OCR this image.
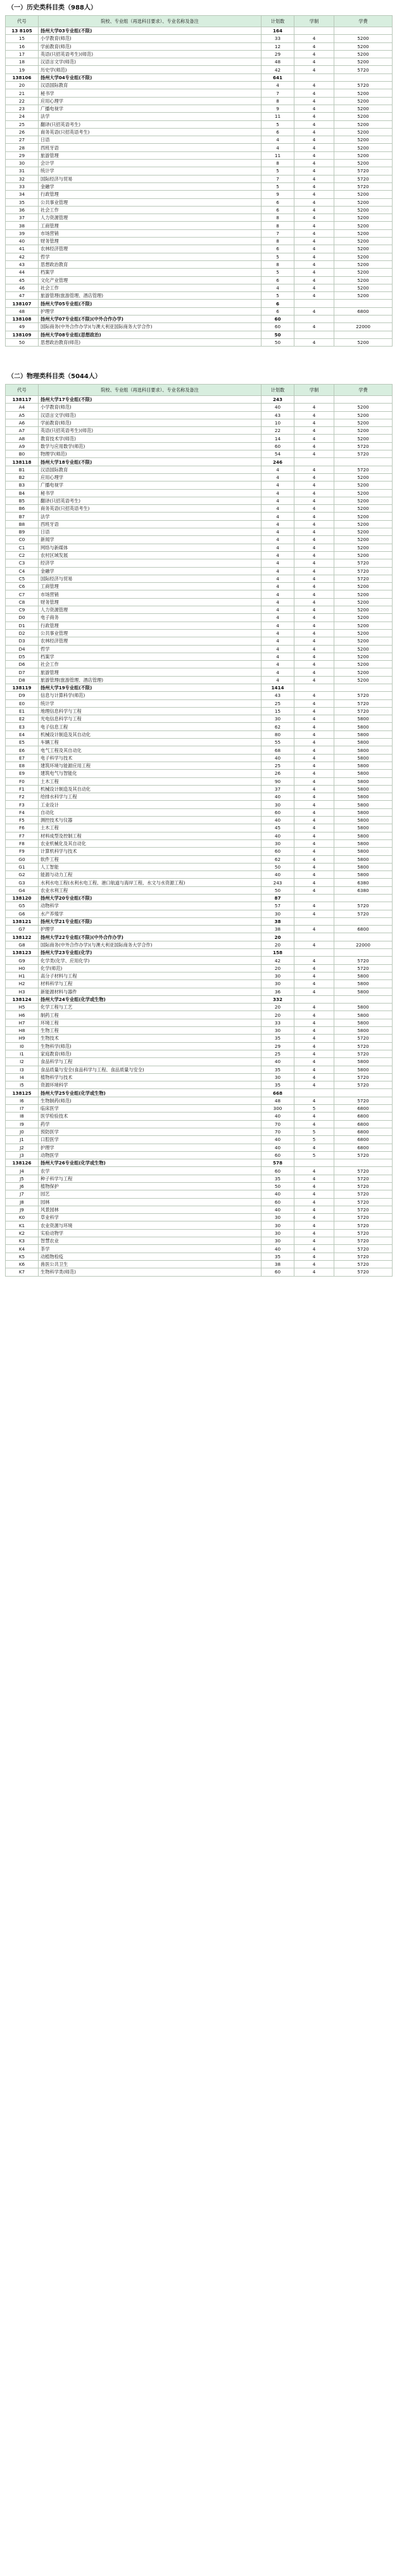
（一）历史类科目类（988人）
代号	院校、专业组（再选科目要求）、专业名称及备注	计划数	学制	学费
13 8105	扬州大学03专业组(不限)	164		
15	小学教育(师范)	33	4	5200
16	学前教育(师范)	12	4	5200
17	英语(只招英语考生)(师范)	29	4	5200
18	汉语言文学(师范)	48	4	5200
19	历史学(师范)	42	4	5720
138106	扬州大学04专业组(不限)	641		
20	汉语国际教育	4	4	5720
21	秘书学	7	4	5200
22	应用心理学	8	4	5200
23	广播电视学	9	4	5200
24	法学	11	4	5200
25	翻译(只招英语考生)	5	4	5200
26	商务英语(只招英语考生)	6	4	5200
27	日语	4	4	5200
28	西班牙语	4	4	5200
29	旅游管理	11	4	5200
30	会计学	8	4	5200
31	统计学	5	4	5720
32	国际经济与贸易	7	4	5720
33	金融学	5	4	5720
34	行政管理	9	4	5200
35	公共事业管理	6	4	5200
36	社会工作	6	4	5200
37	人力资源管理	8	4	5200
38	工商管理	8	4	5200
39	市场营销	7	4	5200
40	财务管理	8	4	5200
41	农林经济管理	6	4	5200
42	哲学	5	4	5200
43	思想政治教育	8	4	5200
44	档案学	5	4	5200
45	文化产业管理	6	4	5200
46	社会工作	4	4	5200
47	旅游管理(旅游管理、酒店管理)	5	4	5200
138107	扬州大学05专业组(不限)	6		
48	护理学	6	4	6800
138108	扬州大学07专业组(不限)(中外合作办学)	60		
49	国际商务(中外合作办学)(与澳大利亚国际商务大学合作)	60	4	22000
138109	扬州大学08专业组(思想政治)	50		
50	思想政治教育(师范)	50	4	5200
（二）物理类科目类（5044人）
代号	院校、专业组（再选科目要求）、专业名称及备注	计划数	学制	学费
138117	扬州大学17专业组(不限)	243		
A4	小学教育(师范)	40	4	5200
A5	汉语言文学(师范)	43	4	5200
A6	学前教育(师范)	10	4	5200
A7	英语(只招英语考生)(师范)	22	4	5200
A8	教育技术学(师范)	14	4	5200
A9	数学与应用数学(师范)	60	4	5720
B0	物理学(师范)	54	4	5720
138118	扬州大学18专业组(不限)	246		
B1	汉语国际教育	4	4	5720
B2	应用心理学	4	4	5200
B3	广播电视学	4	4	5200
B4	秘书学	4	4	5200
B5	翻译(只招英语考生)	4	4	5200
B6	商务英语(只招英语考生)	4	4	5200
B7	法学	4	4	5200
B8	西班牙语	4	4	5200
B9	日语	4	4	5200
C0	新闻学	4	4	5200
C1	网络与新媒体	4	4	5200
C2	农村区域发展	4	4	5200
C3	经济学	4	4	5720
C4	金融学	4	4	5720
C5	国际经济与贸易	4	4	5720
C6	工商管理	4	4	5200
C7	市场营销	4	4	5200
C8	财务管理	4	4	5200
C9	人力资源管理	4	4	5200
D0	电子商务	4	4	5200
D1	行政管理	4	4	5200
D2	公共事业管理	4	4	5200
D3	农林经济管理	4	4	5200
D4	哲学	4	4	5200
D5	档案学	4	4	5200
D6	社会工作	4	4	5200
D7	旅游管理	4	4	5200
D8	旅游管理(旅游管理、酒店管理)	4	4	5200
138119	扬州大学19专业组(不限)	1414		
D9	信息与计算科学(师范)	43	4	5720
E0	统计学	25	4	5720
E1	地理信息科学与工程	15	4	5720
E2	光电信息科学与工程	30	4	5800
E3	电子信息工程	62	4	5800
E4	机械设计制造及其自动化	80	4	5800
E5	车辆工程	55	4	5800
E6	电气工程及其自动化	68	4	5800
E7	电子科学与技术	40	4	5800
E8	建筑环境与能源应用工程	25	4	5800
E9	建筑电气与智能化	26	4	5800
F0	土木工程	90	4	5800
F1	机械设计制造及其自动化	37	4	5800
F2	给排水科学与工程	40	4	5800
F3	工业设计	30	4	5800
F4	自动化	60	4	5800
F5	测控技术与仪器	40	4	5800
F6	土木工程	45	4	5800
F7	材料成型及控制工程	40	4	5800
F8	农业机械化及其自动化	30	4	5800
F9	计算机科学与技术	60	4	5800
G0	软件工程	62	4	5800
G1	人工智能	50	4	5800
G2	能源与动力工程	40	4	5800
G3	水利水电工程(水利水电工程、港口航道与海岸工程、水文与水资源工程)	243	4	6380
G4	农业水利工程	50	4	6380
138120	扬州大学20专业组(不限)	87		
G5	动物科学	57	4	5720
G6	水产养殖学	30	4	5720
138121	扬州大学21专业组(不限)	38		
G7	护理学	38	4	6800
138122	扬州大学22专业组(不限)(中外合作办学)	20		
G8	国际商务(中外合作办学)(与澳大利亚国际商务大学合作)	20	4	22000
138123	扬州大学23专业组(化学)	158		
G9	化学类(化学、应用化学)	42	4	5720
H0	化学(师范)	20	4	5720
H1	高分子材料与工程	30	4	5800
H2	材料科学与工程	30	4	5800
H3	新能源材料与器件	36	4	5800
138124	扬州大学24专业组(化学或生物)	332		
H5	化学工程与工艺	20	4	5800
H6	制药工程	20	4	5800
H7	环境工程	33	4	5800
H8	生物工程	30	4	5800
H9	生物技术	35	4	5720
I0	生物科学(师范)	29	4	5720
I1	家庭教育(师范)	25	4	5720
I2	食品科学与工程	40	4	5800
I3	食品质量与安全(食品科学与工程、食品质量与安全)	35	4	5800
I4	植物科学与技术	30	4	5720
I5	资源环境科学	35	4	5720
138125	扬州大学25专业组(化学或生物)	668		
I6	生物制药(师范)	48	4	5720
I7	临床医学	300	5	6800
I8	医学检验技术	40	4	6800
I9	药学	70	4	6800
J0	预防医学	70	5	6800
J1	口腔医学	40	5	6800
J2	护理学	40	4	6800
J3	动物医学	60	5	5720
138126	扬州大学26专业组(化学或生物)	578		
J4	农学	60	4	5720
J5	种子科学与工程	35	4	5720
J6	植物保护	50	4	5720
J7	园艺	40	4	5720
J8	园林	60	4	5720
J9	风景园林	40	4	5720
K0	草业科学	30	4	5720
K1	农业资源与环境	30	4	5720
K2	实验动物学	30	4	5720
K3	智慧农业	30	4	5720
K4	茶学	40	4	5720
K5	动植物检疫	35	4	5720
K6	兽医公共卫生	38	4	5720
K7	生物科学类(师范)	60	4	5720
